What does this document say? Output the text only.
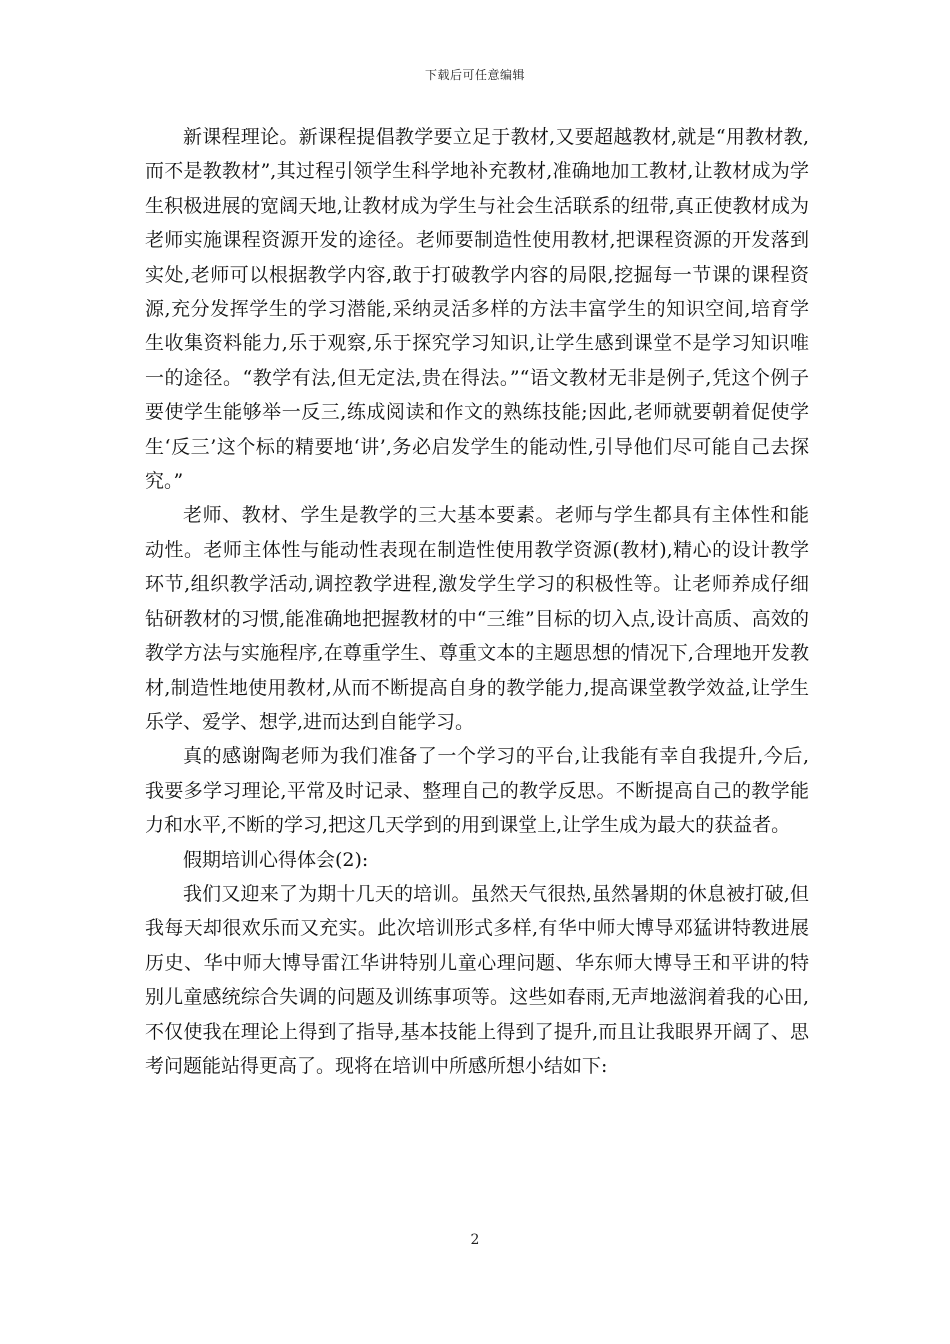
下载后可任意编辑

新课程理论。新课程提倡教学要立足于教材,又要超越教材,就是“用教材教,而不是教教材”,其过程引领学生科学地补充教材,准确地加工教材,让教材成为学生积极进展的宽阔天地,让教材成为学生与社会生活联系的纽带,真正使教材成为老师实施课程资源开发的途径。老师要制造性使用教材,把课程资源的开发落到实处,老师可以根据教学内容,敢于打破教学内容的局限,挖掘每一节课的课程资源,充分发挥学生的学习潜能,采纳灵活多样的方法丰富学生的知识空间,培育学生收集资料能力,乐于观察,乐于探究学习知识,让学生感到课堂不是学习知识唯一的途径。“教学有法,但无定法,贵在得法。”“语文教材无非是例子,凭这个例子要使学生能够举一反三,练成阅读和作文的熟练技能;因此,老师就要朝着促使学生‘反三’这个标的精要地‘讲’,务必启发学生的能动性,引导他们尽可能自己去探究。”

老师、教材、学生是教学的三大基本要素。老师与学生都具有主体性和能动性。老师主体性与能动性表现在制造性使用教学资源(教材),精心的设计教学环节,组织教学活动,调控教学进程,激发学生学习的积极性等。让老师养成仔细钻研教材的习惯,能准确地把握教材的中“三维”目标的切入点,设计高质、高效的教学方法与实施程序,在尊重学生、尊重文本的主题思想的情况下,合理地开发教材,制造性地使用教材,从而不断提高自身的教学能力,提高课堂教学效益,让学生乐学、爱学、想学,进而达到自能学习。

真的感谢陶老师为我们准备了一个学习的平台,让我能有幸自我提升,今后,我要多学习理论,平常及时记录、整理自己的教学反思。不断提高自己的教学能力和水平,不断的学习,把这几天学到的用到课堂上,让学生成为最大的获益者。

假期培训心得体会(2):

我们又迎来了为期十几天的培训。虽然天气很热,虽然暑期的休息被打破,但我每天却很欢乐而又充实。此次培训形式多样,有华中师大博导邓猛讲特教进展历史、华中师大博导雷江华讲特别儿童心理问题、华东师大博导王和平讲的特别儿童感统综合失调的问题及训练事项等。这些如春雨,无声地滋润着我的心田,不仅使我在理论上得到了指导,基本技能上得到了提升,而且让我眼界开阔了、思考问题能站得更高了。现将在培训中所感所想小结如下:

2
